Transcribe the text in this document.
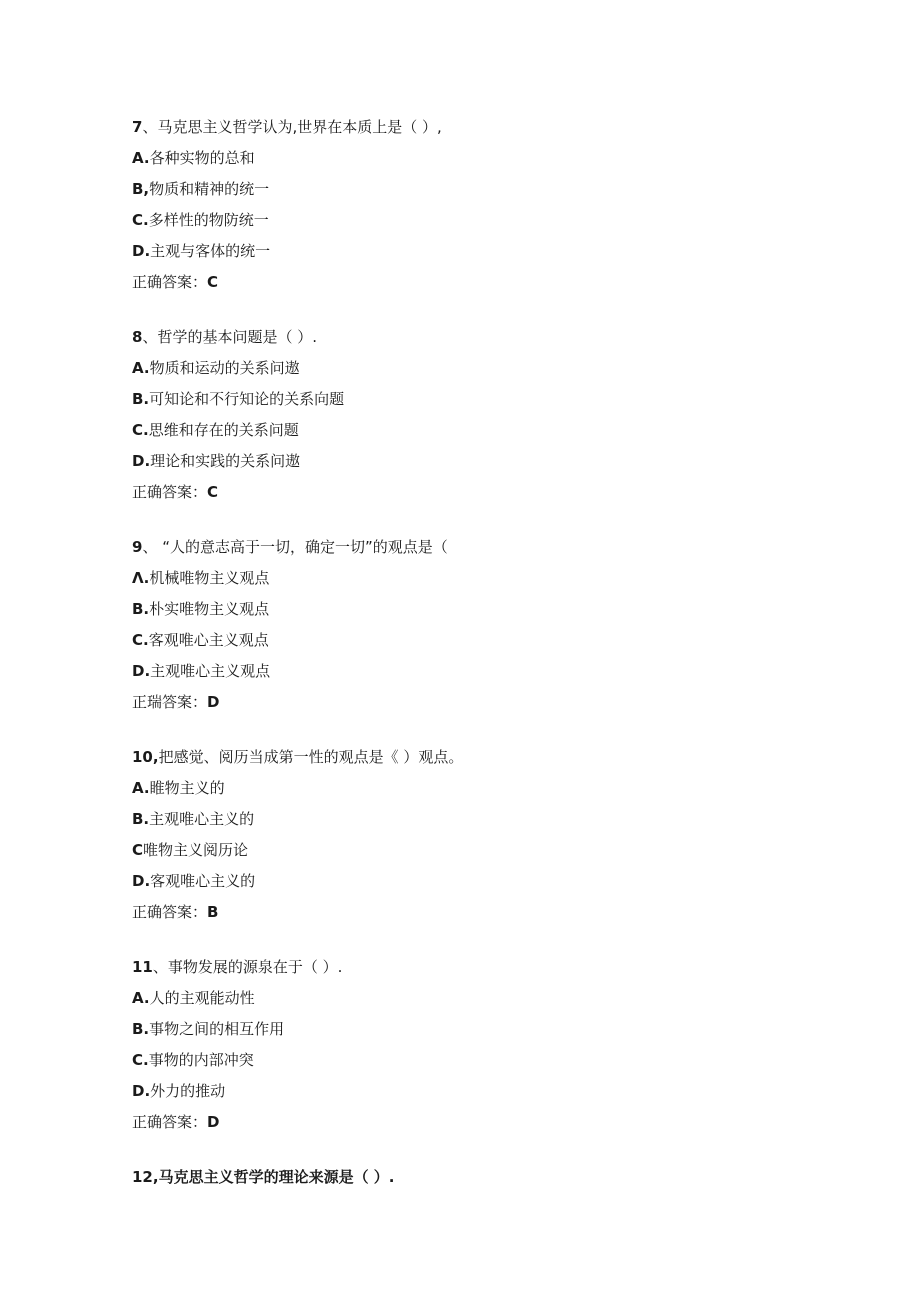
7、马克思主义哲学认为,世界在本质上是（ ）,
A.各种实物的总和
B,物质和精神的统一
C.多样性的物防统一
D.主观与客体的统一
正确答案：C
8、哲学的基本问题是（ ）.
A.物质和运动的关系问遨
B.可知论和不行知论的关系向题
C.思维和存在的关系问题
D.理论和实践的关系问遨
正确答案：C
9、 “人的意志高于一切，确定一切”的观点是（
Λ.机械唯物主义观点
B.朴实唯物主义观点
C.客观唯心主义观点
D.主观唯心主义观点
正瑞答案：D
10,把感觉、阅历当成第一性的观点是《 ）观点。
A.睢物主义的
B.主观唯心主义的
C唯物主义阅历论
D.客观唯心主义的
正确答案：B
11、事物发展的源泉在于（ ）.
A.人的主观能动性
B.事物之间的相互作用
C.事物的内部冲突
D.外力的推动
正确答案：D
12,马克思主义哲学的理论来源是（ ）.
